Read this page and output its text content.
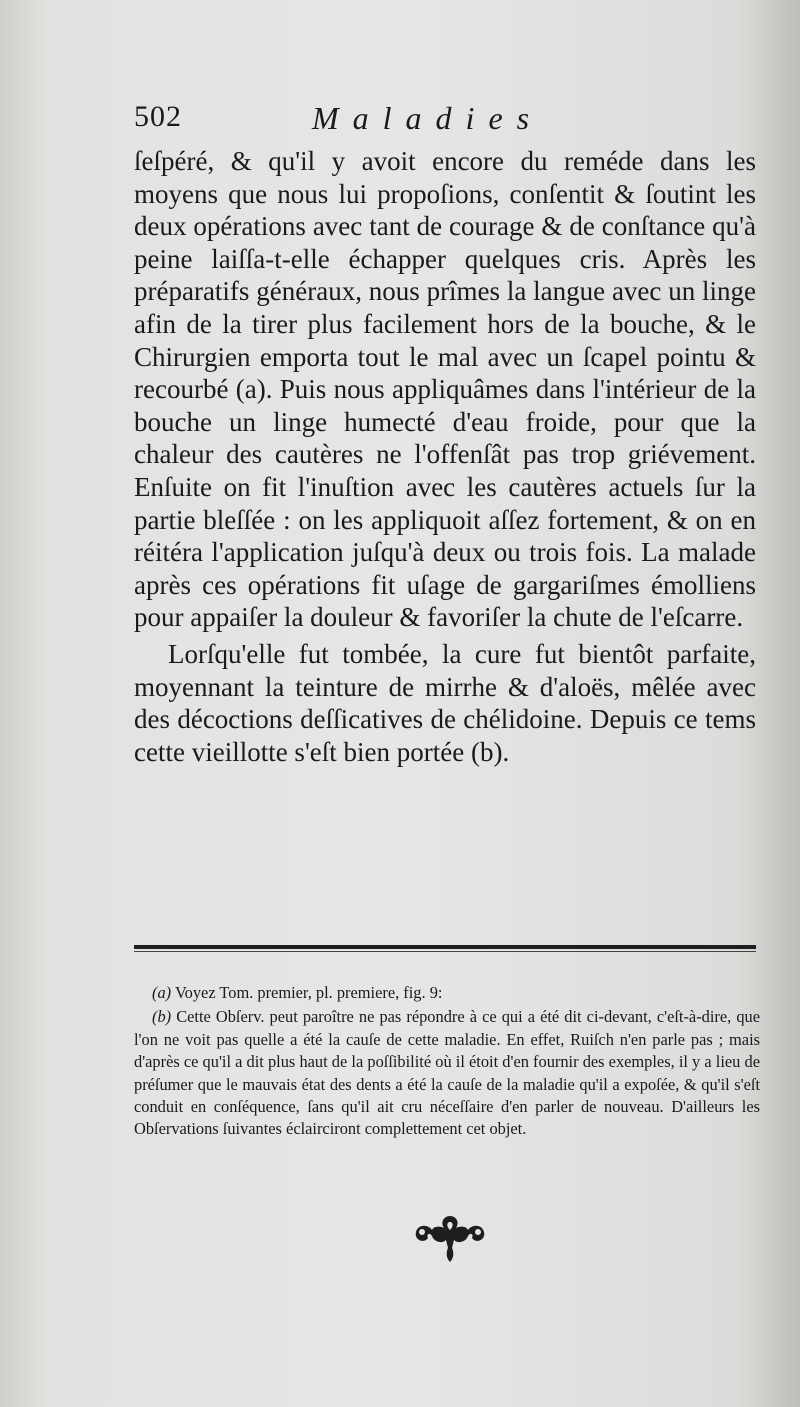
502	Maladies

ſeſpéré, & qu'il y avoit encore du reméde dans les moyens que nous lui propoſions, conſentit & ſoutint les deux opérations avec tant de courage & de conſtance qu'à peine laiſſa-t-elle échapper quelques cris. Après les préparatifs généraux, nous prîmes la langue avec un linge afin de la tirer plus facilement hors de la bouche, & le Chirurgien emporta tout le mal avec un ſcapel pointu & recourbé (a). Puis nous appliquâmes dans l'intérieur de la bouche un linge humecté d'eau froide, pour que la chaleur des cautères ne l'offenſât pas trop griévement. Enſuite on fit l'inuſtion avec les cautères actuels ſur la partie bleſſée : on les appliquoit aſſez fortement, & on en réitéra l'application juſqu'à deux ou trois fois. La malade après ces opérations fit uſage de gargariſmes émolliens pour appaiſer la douleur & favoriſer la chute de l'eſcarre.

Lorſqu'elle fut tombée, la cure fut bientôt parfaite, moyennant la teinture de mirrhe & d'aloës, mêlée avec des décoctions deſſicatives de chélidoine. Depuis ce tems cette vieillotte s'eſt bien portée (b).

(a) Voyez Tom. premier, pl. premiere, fig. 9:

(b) Cette Obſerv. peut paroître ne pas répondre à ce qui a été dit ci-devant, c'eſt-à-dire, que l'on ne voit pas quelle a été la cauſe de cette maladie. En effet, Ruiſch n'en parle pas ; mais d'après ce qu'il a dit plus haut de la poſſibilité où il étoit d'en fournir des exemples, il y a lieu de préſumer que le mauvais état des dents a été la cauſe de la maladie qu'il a expoſée, & qu'il s'eſt conduit en conſéquence, ſans qu'il ait cru néceſſaire d'en parler de nouveau. D'ailleurs les Obſervations ſuivantes éclairciront complettement cet objet.
